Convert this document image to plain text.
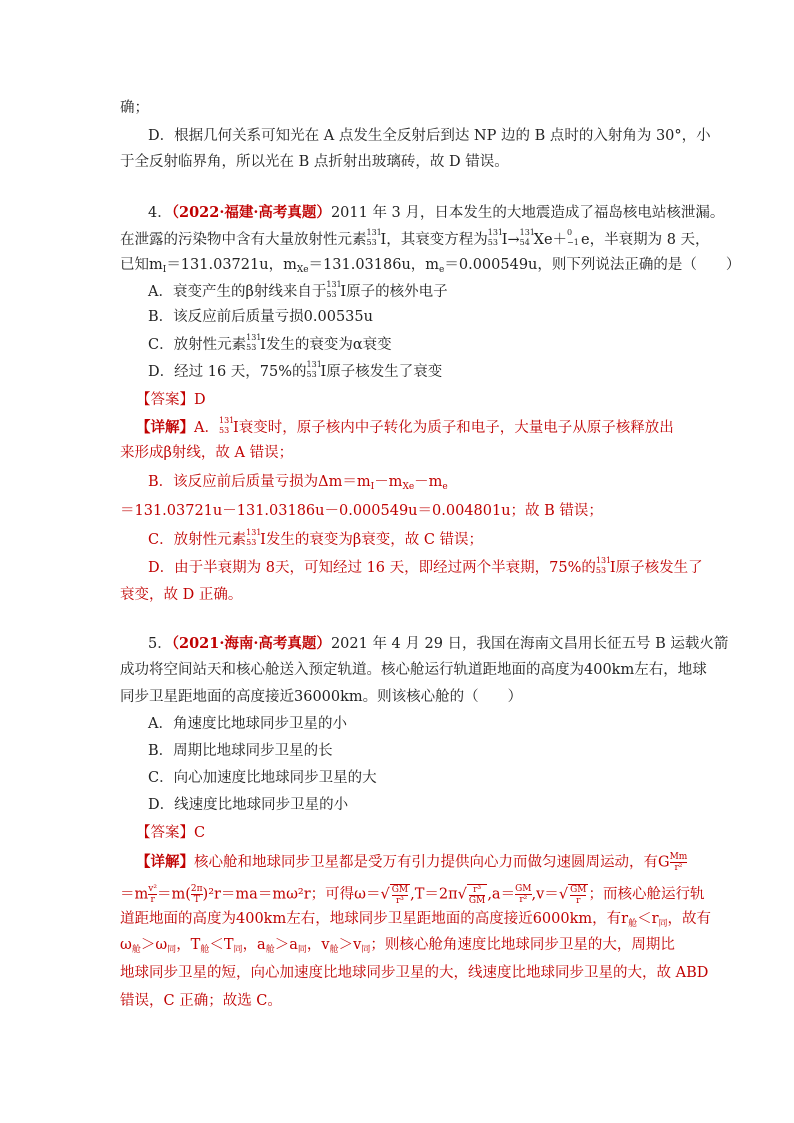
确；
D．根据几何关系可知光在 A 点发生全反射后到达 NP 边的 B 点时的入射角为 30°，小
于全反射临界角，所以光在 B 点折射出玻璃砖，故 D 错误。
4．（2022·福建·高考真题）2011 年 3 月，日本发生的大地震造成了福岛核电站核泄漏。
在泄露的污染物中含有大量放射性元素 131
53 I，其衰变方程为 131
53 I→ 131
54 Xe＋ 0
−1 e，半衰期为 8 天，
已知$m_I=131.03721u$，$m_{Xe}=131.03186u$，$m_e=0.000549u$，则下列说法正确的是（　　）
A．衰变产生的β射线来自于 131
53 I原子的核外电子
B．该反应前后质量亏损0.00535u
C．放射性元素 131
53 I发生的衰变为α衰变
D．经过 16 天，75%的 131
53 I原子核发生了衰变
【答案】D
【详解】A． 131
53 I衰变时，原子核内中子转化为质子和电子，大量电子从原子核释放出
来形成β射线，故 A 错误；
B．该反应前后质量亏损为$\Delta m=m_I-m_{Xe}-m_e$
＝131.03721u－131.03186u－0.000549u＝0.004801u；故 B 错误；
C．放射性元素 131
53 I发生的衰变为β衰变，故 C 错误；
D．由于半衰期为 8天，可知经过 16 天，即经过两个半衰期，75%的 131
53 I原子核发生了
衰变，故 D 正确。
5．（2021·海南·高考真题）2021 年 4 月 29 日，我国在海南文昌用长征五号 B 运载火箭
成功将空间站天和核心舱送入预定轨道。核心舱运行轨道距地面的高度为400km左右，地球
同步卫星距地面的高度接近36000km。则该核心舱的（　　）
A．角速度比地球同步卫星的小
B．周期比地球同步卫星的长
C．向心加速度比地球同步卫星的大
D．线速度比地球同步卫星的小
【答案】C
【详解】核心舱和地球同步卫星都是受万有引力提供向心力而做匀速圆周运动，有G $\frac{Mm}{\text{r²}}$
$=m \frac{\text{v²}}{r} =m( \frac{2\pi}{T} )^2r=ma=m\omega^2r$；可得$\omega=√ \frac{GM}{\text{r³}} ,T=2\pi√ \frac{\text{r³}}{GM} ,a= \frac{GM}{\text{r²}} ,v=√ \frac{GM}{r}$ ；而核心舱运行轨
道距地面的高度为400km左右，地球同步卫星距地面的高度接近6000km，有$r_舱<r_同$，故有
$\omega_舱>\omega_同$，$T_舱<T_同$，$a_舱>a_同$，$v_舱>v_同$；则核心舱角速度比地球同步卫星的大，周期比
地球同步卫星的短，向心加速度比地球同步卫星的大，线速度比地球同步卫星的大，故 ABD
错误，C 正确；故选 C。
